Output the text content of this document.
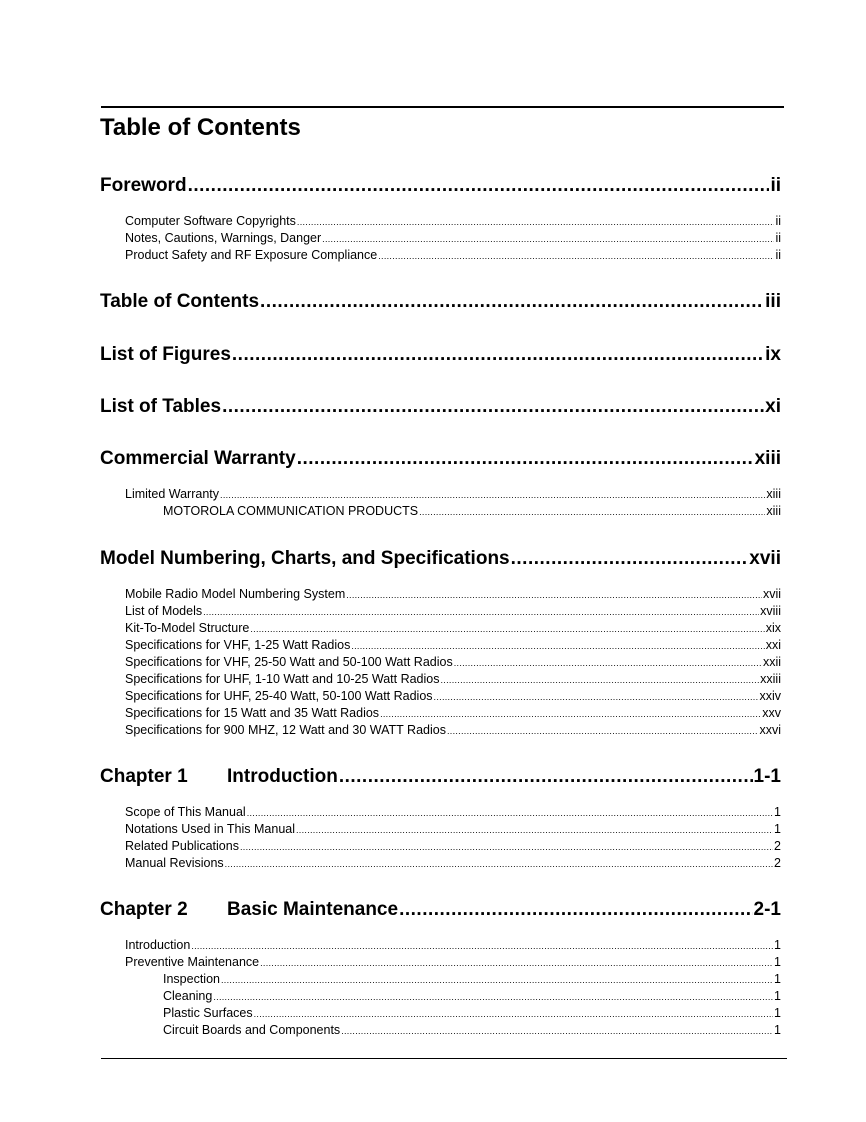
Table of Contents
Foreword .....	ii
Computer Software Copyrights .....	ii
Notes, Cautions, Warnings, Danger .....	ii
Product Safety and RF Exposure Compliance .....	ii
Table of Contents .....	iii
List of Figures .....	ix
List of Tables .....	xi
Commercial Warranty .....	xiii
Limited Warranty .....	xiii
MOTOROLA COMMUNICATION PRODUCTS .....	xiii
Model Numbering, Charts, and Specifications .....	xvii
Mobile Radio Model Numbering System .....	xvii
List of Models .....	xviii
Kit-To-Model Structure .....	xix
Specifications for VHF, 1-25 Watt Radios .....	xxi
Specifications for VHF, 25-50 Watt and 50-100 Watt Radios .....	xxii
Specifications for UHF, 1-10 Watt and 10-25 Watt Radios .....	xxiii
Specifications for UHF, 25-40 Watt, 50-100 Watt Radios .....	xxiv
Specifications for 15 Watt and 35 Watt Radios .....	xxv
Specifications for 900 MHZ, 12 Watt and 30 WATT Radios .....	xxvi
Chapter 1 Introduction .....	1-1
Scope of This Manual .....	1
Notations Used in This Manual .....	1
Related Publications .....	2
Manual Revisions .....	2
Chapter 2 Basic Maintenance .....	2-1
Introduction .....	1
Preventive Maintenance .....	1
Inspection .....	1
Cleaning .....	1
Plastic Surfaces .....	1
Circuit Boards and Components .....	1
